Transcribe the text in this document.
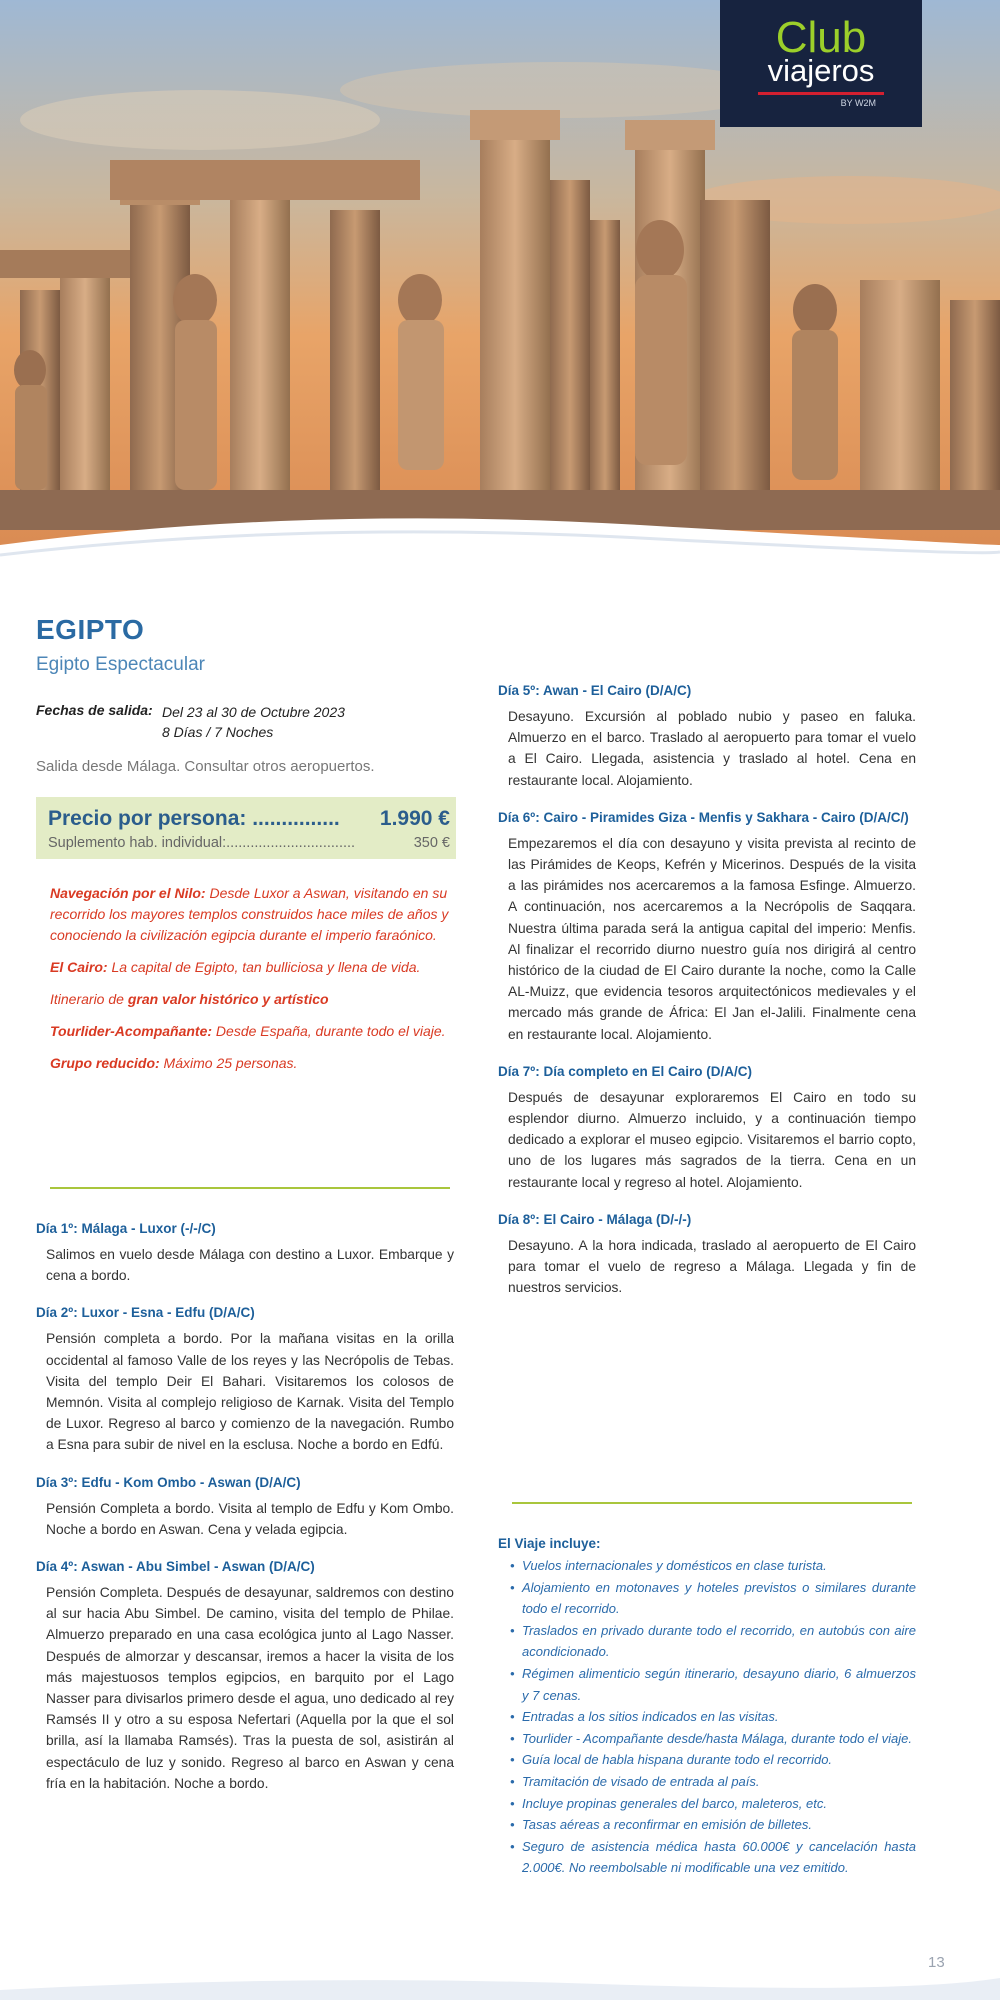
Club
viajeros
BY W2M
EGIPTO
Egipto Espectacular
Fechas de salida: Del 23 al 30 de Octubre 2023
8 Días / 7 Noches
Salida desde Málaga. Consultar otros aeropuertos.
1.990 €
Precio por persona: ...............
350 €
Suplemento hab. individual:................................

Navegación por el Nilo: Desde Luxor a Aswan, visitando en su recorrido los mayores templos construidos hace miles de años y conociendo la civilización egipcia durante el imperio faraónico.

El Cairo: La capital de Egipto, tan bulliciosa y llena de vida.

Itinerario de gran valor histórico y artístico

Tourlider-Acompañante: Desde España, durante todo el viaje.

Grupo reducido: Máximo 25 personas.

Día 1º: Málaga - Luxor (-/-/C)

Salimos en vuelo desde Málaga con destino a Luxor. Embarque y cena a bordo.

Día 2º: Luxor - Esna - Edfu (D/A/C)

Pensión completa a bordo. Por la mañana visitas en la orilla occidental al famoso Valle de los reyes y las Necrópolis de Tebas. Visita del templo Deir El Bahari. Visitaremos los colosos de Memnón. Visita al complejo religioso de Karnak. Visita del Templo de Luxor. Regreso al barco y comienzo de la navegación. Rumbo a Esna para subir de nivel en la esclusa. Noche a bordo en Edfú.

Día 3º: Edfu - Kom Ombo - Aswan (D/A/C)

Pensión Completa a bordo. Visita al templo de Edfu y Kom Ombo. Noche a bordo en Aswan. Cena y velada egipcia.

Día 4º: Aswan - Abu Simbel - Aswan (D/A/C)

Pensión Completa. Después de desayunar, saldremos con destino al sur hacia Abu Simbel. De camino, visita del templo de Philae. Almuerzo preparado en una casa ecológica junto al Lago Nasser. Después de almorzar y descansar, iremos a hacer la visita de los más majestuosos templos egipcios, en barquito por el Lago Nasser para divisarlos primero desde el agua, uno dedicado al rey Ramsés II y otro a su esposa Nefertari (Aquella por la que el sol brilla, así la llamaba Ramsés). Tras la puesta de sol, asistirán al espectáculo de luz y sonido. Regreso al barco en Aswan y cena fría en la habitación. Noche a bordo.

Día 5º: Awan - El Cairo (D/A/C)

Desayuno. Excursión al poblado nubio y paseo en faluka. Almuerzo en el barco. Traslado al aeropuerto para tomar el vuelo a El Cairo. Llegada, asistencia y traslado al hotel. Cena en restaurante local. Alojamiento.

Día 6º: Cairo - Piramides Giza - Menfis y Sakhara - Cairo (D/A/C/)

Empezaremos el día con desayuno y visita prevista al recinto de las Pirámides de Keops, Kefrén y Micerinos. Después de la visita a las pirámides nos acercaremos a la famosa Esfinge. Almuerzo. A continuación, nos acercaremos a la Necrópolis de Saqqara. Nuestra última parada será la antigua capital del imperio: Menfis. Al finalizar el recorrido diurno nuestro guía nos dirigirá al centro histórico de la ciudad de El Cairo durante la noche, como la Calle AL-Muizz, que evidencia tesoros arquitectónicos medievales y el mercado más grande de África: El Jan el-Jalili. Finalmente cena en restaurante local. Alojamiento.

Día 7º: Día completo en El Cairo (D/A/C)

Después de desayunar exploraremos El Cairo en todo su esplendor diurno. Almuerzo incluido, y a continuación tiempo dedicado a explorar el museo egipcio. Visitaremos el barrio copto, uno de los lugares más sagrados de la tierra. Cena en un restaurante local y regreso al hotel. Alojamiento.

Día 8º: El Cairo - Málaga (D/-/-)

Desayuno. A la hora indicada, traslado al aeropuerto de El Cairo para tomar el vuelo de regreso a Málaga. Llegada y fin de nuestros servicios.

El Viaje incluye:
• Vuelos internacionales y domésticos en clase turista.
• Alojamiento en motonaves y hoteles previstos o similares durante todo el recorrido.
• Traslados en privado durante todo el recorrido, en autobús con aire acondicionado.
• Régimen alimenticio según itinerario, desayuno diario, 6 almuerzos y 7 cenas.
• Entradas a los sitios indicados en las visitas.
• Tourlider - Acompañante desde/hasta Málaga, durante todo el viaje.
• Guía local de habla hispana durante todo el recorrido.
• Tramitación de visado de entrada al país.
• Incluye propinas generales del barco, maleteros, etc.
• Tasas aéreas a reconfirmar en emisión de billetes.
• Seguro de asistencia médica hasta 60.000€ y cancelación hasta 2.000€. No reembolsable ni modificable una vez emitido.
13
